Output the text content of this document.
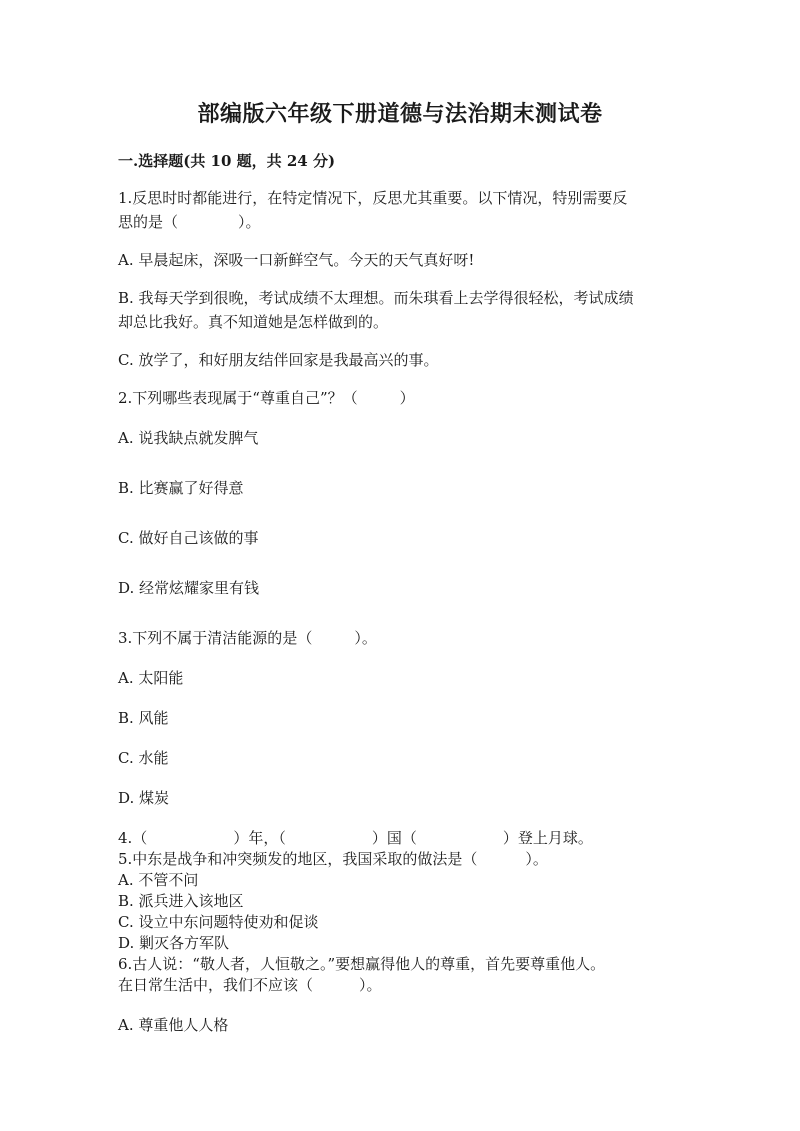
部编版六年级下册道德与法治期末测试卷
一.选择题(共 10 题，共 24 分)
1.反思时时都能进行，在特定情况下，反思尤其重要。以下情况，特别需要反
思的是（	）。
A. 早晨起床，深吸一口新鲜空气。今天的天气真好呀!
B. 我每天学到很晚，考试成绩不太理想。而朱琪看上去学得很轻松，考试成绩
却总比我好。真不知道她是怎样做到的。
C. 放学了，和好朋友结伴回家是我最高兴的事。
2.下列哪些表现属于“尊重自己”？（	）
A. 说我缺点就发脾气
B. 比赛赢了好得意
C. 做好自己该做的事
D. 经常炫耀家里有钱
3.下列不属于清洁能源的是（	）。
A. 太阳能
B. 风能
C. 水能
D. 煤炭
4.（	）年，（	）国（	）登上月球。
5.中东是战争和冲突频发的地区，我国采取的做法是（	）。
A. 不管不问
B. 派兵进入该地区
C. 设立中东问题特使劝和促谈
D. 剿灭各方军队
6.古人说：“敬人者，人恒敬之。”要想赢得他人的尊重，首先要尊重他人。
在日常生活中，我们不应该（	）。
A. 尊重他人人格
